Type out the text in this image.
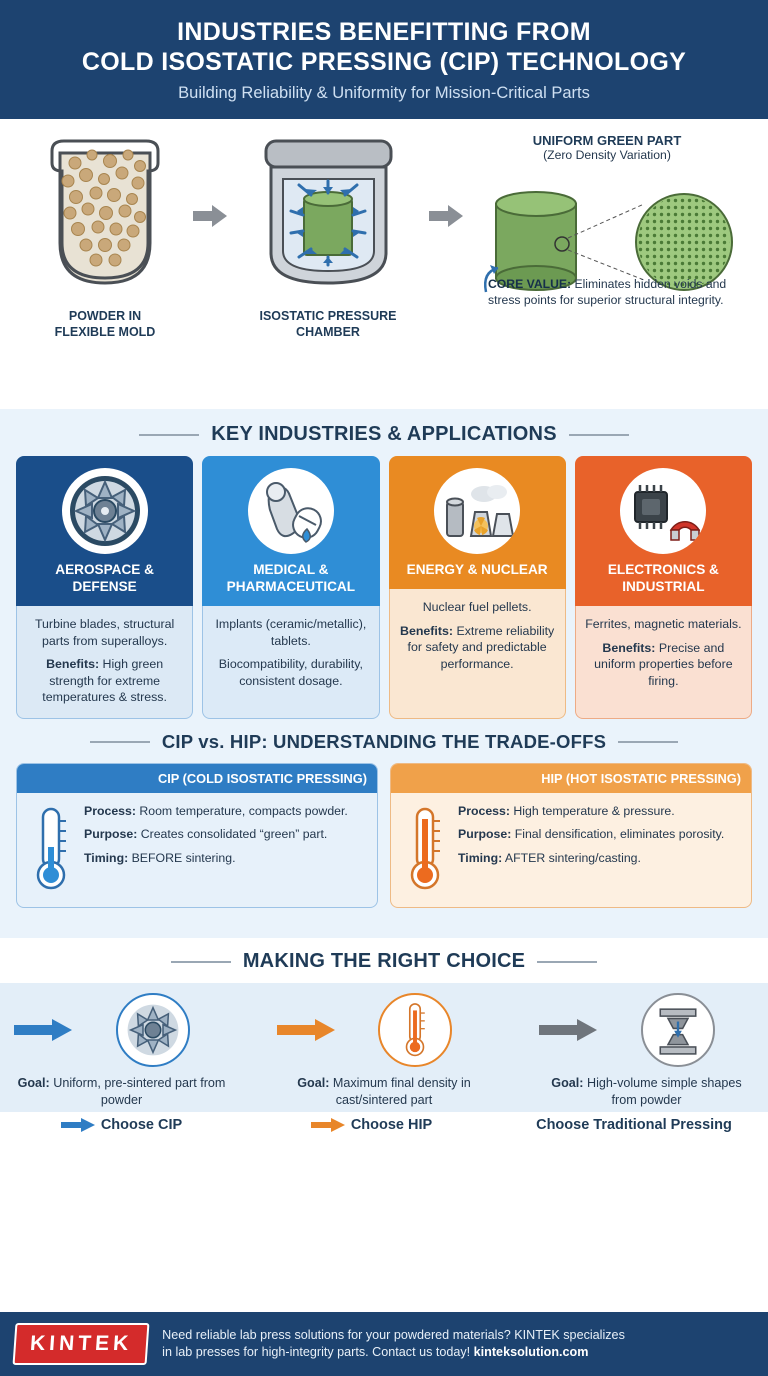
INDUSTRIES BENEFITTING FROM
COLD ISOSTATIC PRESSING (CIP) TECHNOLOGY
Building Reliability & Uniformity for Mission-Critical Parts
POWDER IN
FLEXIBLE MOLD
ISOSTATIC PRESSURE CHAMBER
UNIFORM GREEN PART
(Zero Density Variation)
CORE VALUE: Eliminates hidden voids and stress points for superior structural integrity.
KEY INDUSTRIES & APPLICATIONS
AEROSPACE & DEFENSE

Turbine blades, structural parts from superalloys.

Benefits: High green strength for extreme temperatures & stress.

MEDICAL & PHARMACEUTICAL

Implants (ceramic/metallic), tablets.

Biocompatibility, durability, consistent dosage.

ENERGY & NUCLEAR

Nuclear fuel pellets.

Benefits: Extreme reliability for safety and predictable performance.

ELECTRONICS & INDUSTRIAL

Ferrites, magnetic materials.

Benefits: Precise and uniform properties before firing.

CIP vs. HIP: UNDERSTANDING THE TRADE-OFFS
CIP (COLD ISOSTATIC PRESSING)

Process: Room temperature, compacts powder.

Purpose: Creates consolidated “green” part.

Timing: BEFORE sintering.

HIP (HOT ISOSTATIC PRESSING)

Process: High temperature & pressure.

Purpose: Final densification, eliminates porosity.

Timing: AFTER sintering/casting.

MAKING THE RIGHT CHOICE
Goal: Uniform, pre-sintered part from powder
Goal: Maximum final density in cast/sintered part
Goal: High-volume simple shapes from powder
Choose CIP	Choose HIP	Choose Traditional Pressing
KINTEK	Need reliable lab press solutions for your powdered materials? KINTEK specializes
in lab presses for high-integrity parts. Contact us today! kinteksolution.com
